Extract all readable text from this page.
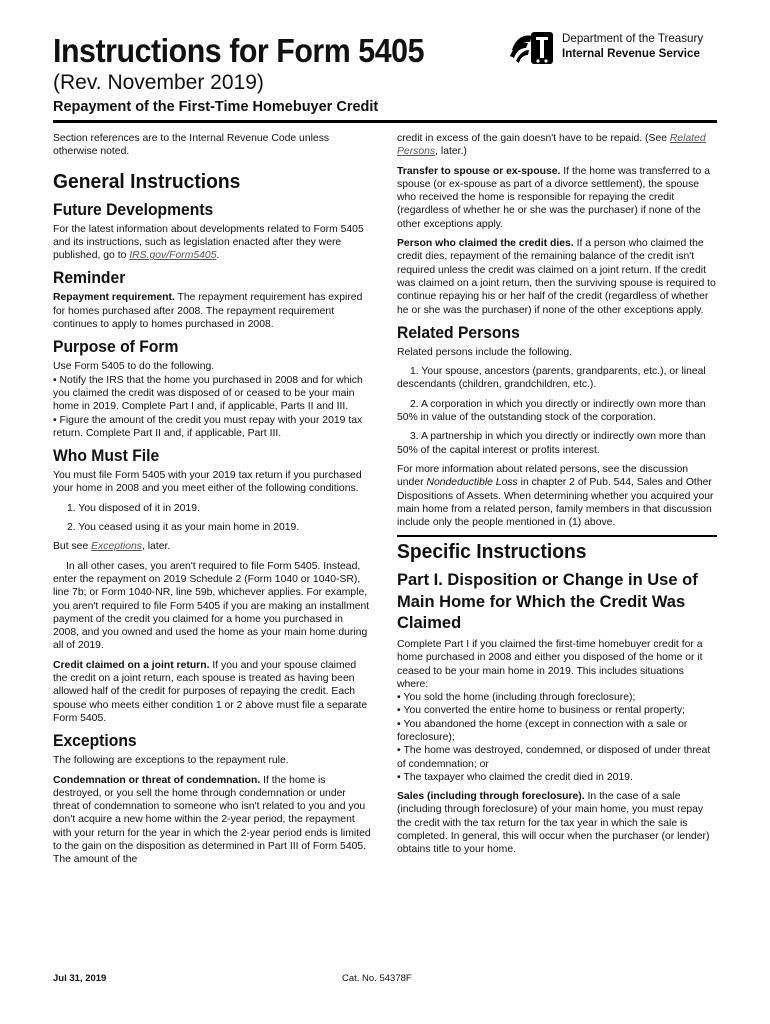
Instructions for Form 5405
(Rev. November 2019)
Repayment of the First-Time Homebuyer Credit
Department of the Treasury
Internal Revenue Service

Section references are to the Internal Revenue Code unless otherwise noted.

General Instructions
Future Developments

For the latest information about developments related to Form 5405 and its instructions, such as legislation enacted after they were published, go to IRS.gov/Form5405.

Reminder

Repayment requirement. The repayment requirement has expired for homes purchased after 2008. The repayment requirement continues to apply to homes purchased in 2008.

Purpose of Form

Use Form 5405 to do the following.

• Notify the IRS that the home you purchased in 2008 and for which you claimed the credit was disposed of or ceased to be your main home in 2019. Complete Part I and, if applicable, Parts II and III.

• Figure the amount of the credit you must repay with your 2019 tax return. Complete Part II and, if applicable, Part III.

Who Must File

You must file Form 5405 with your 2019 tax return if you purchased your home in 2008 and you meet either of the following conditions.

1. You disposed of it in 2019.

2. You ceased using it as your main home in 2019.

But see Exceptions, later.

In all other cases, you aren't required to file Form 5405. Instead, enter the repayment on 2019 Schedule 2 (Form 1040 or 1040-SR), line 7b; or Form 1040-NR, line 59b, whichever applies. For example, you aren't required to file Form 5405 if you are making an installment payment of the credit you claimed for a home you purchased in 2008, and you owned and used the home as your main home during all of 2019.

Credit claimed on a joint return. If you and your spouse claimed the credit on a joint return, each spouse is treated as having been allowed half of the credit for purposes of repaying the credit. Each spouse who meets either condition 1 or 2 above must file a separate Form 5405.

Exceptions

The following are exceptions to the repayment rule.

Condemnation or threat of condemnation. If the home is destroyed, or you sell the home through condemnation or under threat of condemnation to someone who isn't related to you and you don't acquire a new home within the 2-year period, the repayment with your return for the year in which the 2-year period ends is limited to the gain on the disposition as determined in Part III of Form 5405. The amount of the

credit in excess of the gain doesn't have to be repaid. (See Related Persons, later.)

Transfer to spouse or ex-spouse. If the home was transferred to a spouse (or ex-spouse as part of a divorce settlement), the spouse who received the home is responsible for repaying the credit (regardless of whether he or she was the purchaser) if none of the other exceptions apply.

Person who claimed the credit dies. If a person who claimed the credit dies, repayment of the remaining balance of the credit isn't required unless the credit was claimed on a joint return. If the credit was claimed on a joint return, then the surviving spouse is required to continue repaying his or her half of the credit (regardless of whether he or she was the purchaser) if none of the other exceptions apply.

Related Persons

Related persons include the following.

1. Your spouse, ancestors (parents, grandparents, etc.), or lineal descendants (children, grandchildren, etc.).

2. A corporation in which you directly or indirectly own more than 50% in value of the outstanding stock of the corporation.

3. A partnership in which you directly or indirectly own more than 50% of the capital interest or profits interest.

For more information about related persons, see the discussion under Nondeductible Loss in chapter 2 of Pub. 544, Sales and Other Dispositions of Assets. When determining whether you acquired your main home from a related person, family members in that discussion include only the people mentioned in (1) above.

Specific Instructions
Part I. Disposition or Change in Use of Main Home for Which the Credit Was Claimed

Complete Part I if you claimed the first-time homebuyer credit for a home purchased in 2008 and either you disposed of the home or it ceased to be your main home in 2019. This includes situations where:

• You sold the home (including through foreclosure);

• You converted the entire home to business or rental property;

• You abandoned the home (except in connection with a sale or foreclosure);

• The home was destroyed, condemned, or disposed of under threat of condemnation; or

• The taxpayer who claimed the credit died in 2019.

Sales (including through foreclosure). In the case of a sale (including through foreclosure) of your main home, you must repay the credit with the tax return for the tax year in which the sale is completed. In general, this will occur when the purchaser (or lender) obtains title to your home.

Jul 31, 2019	Cat. No. 54378F
